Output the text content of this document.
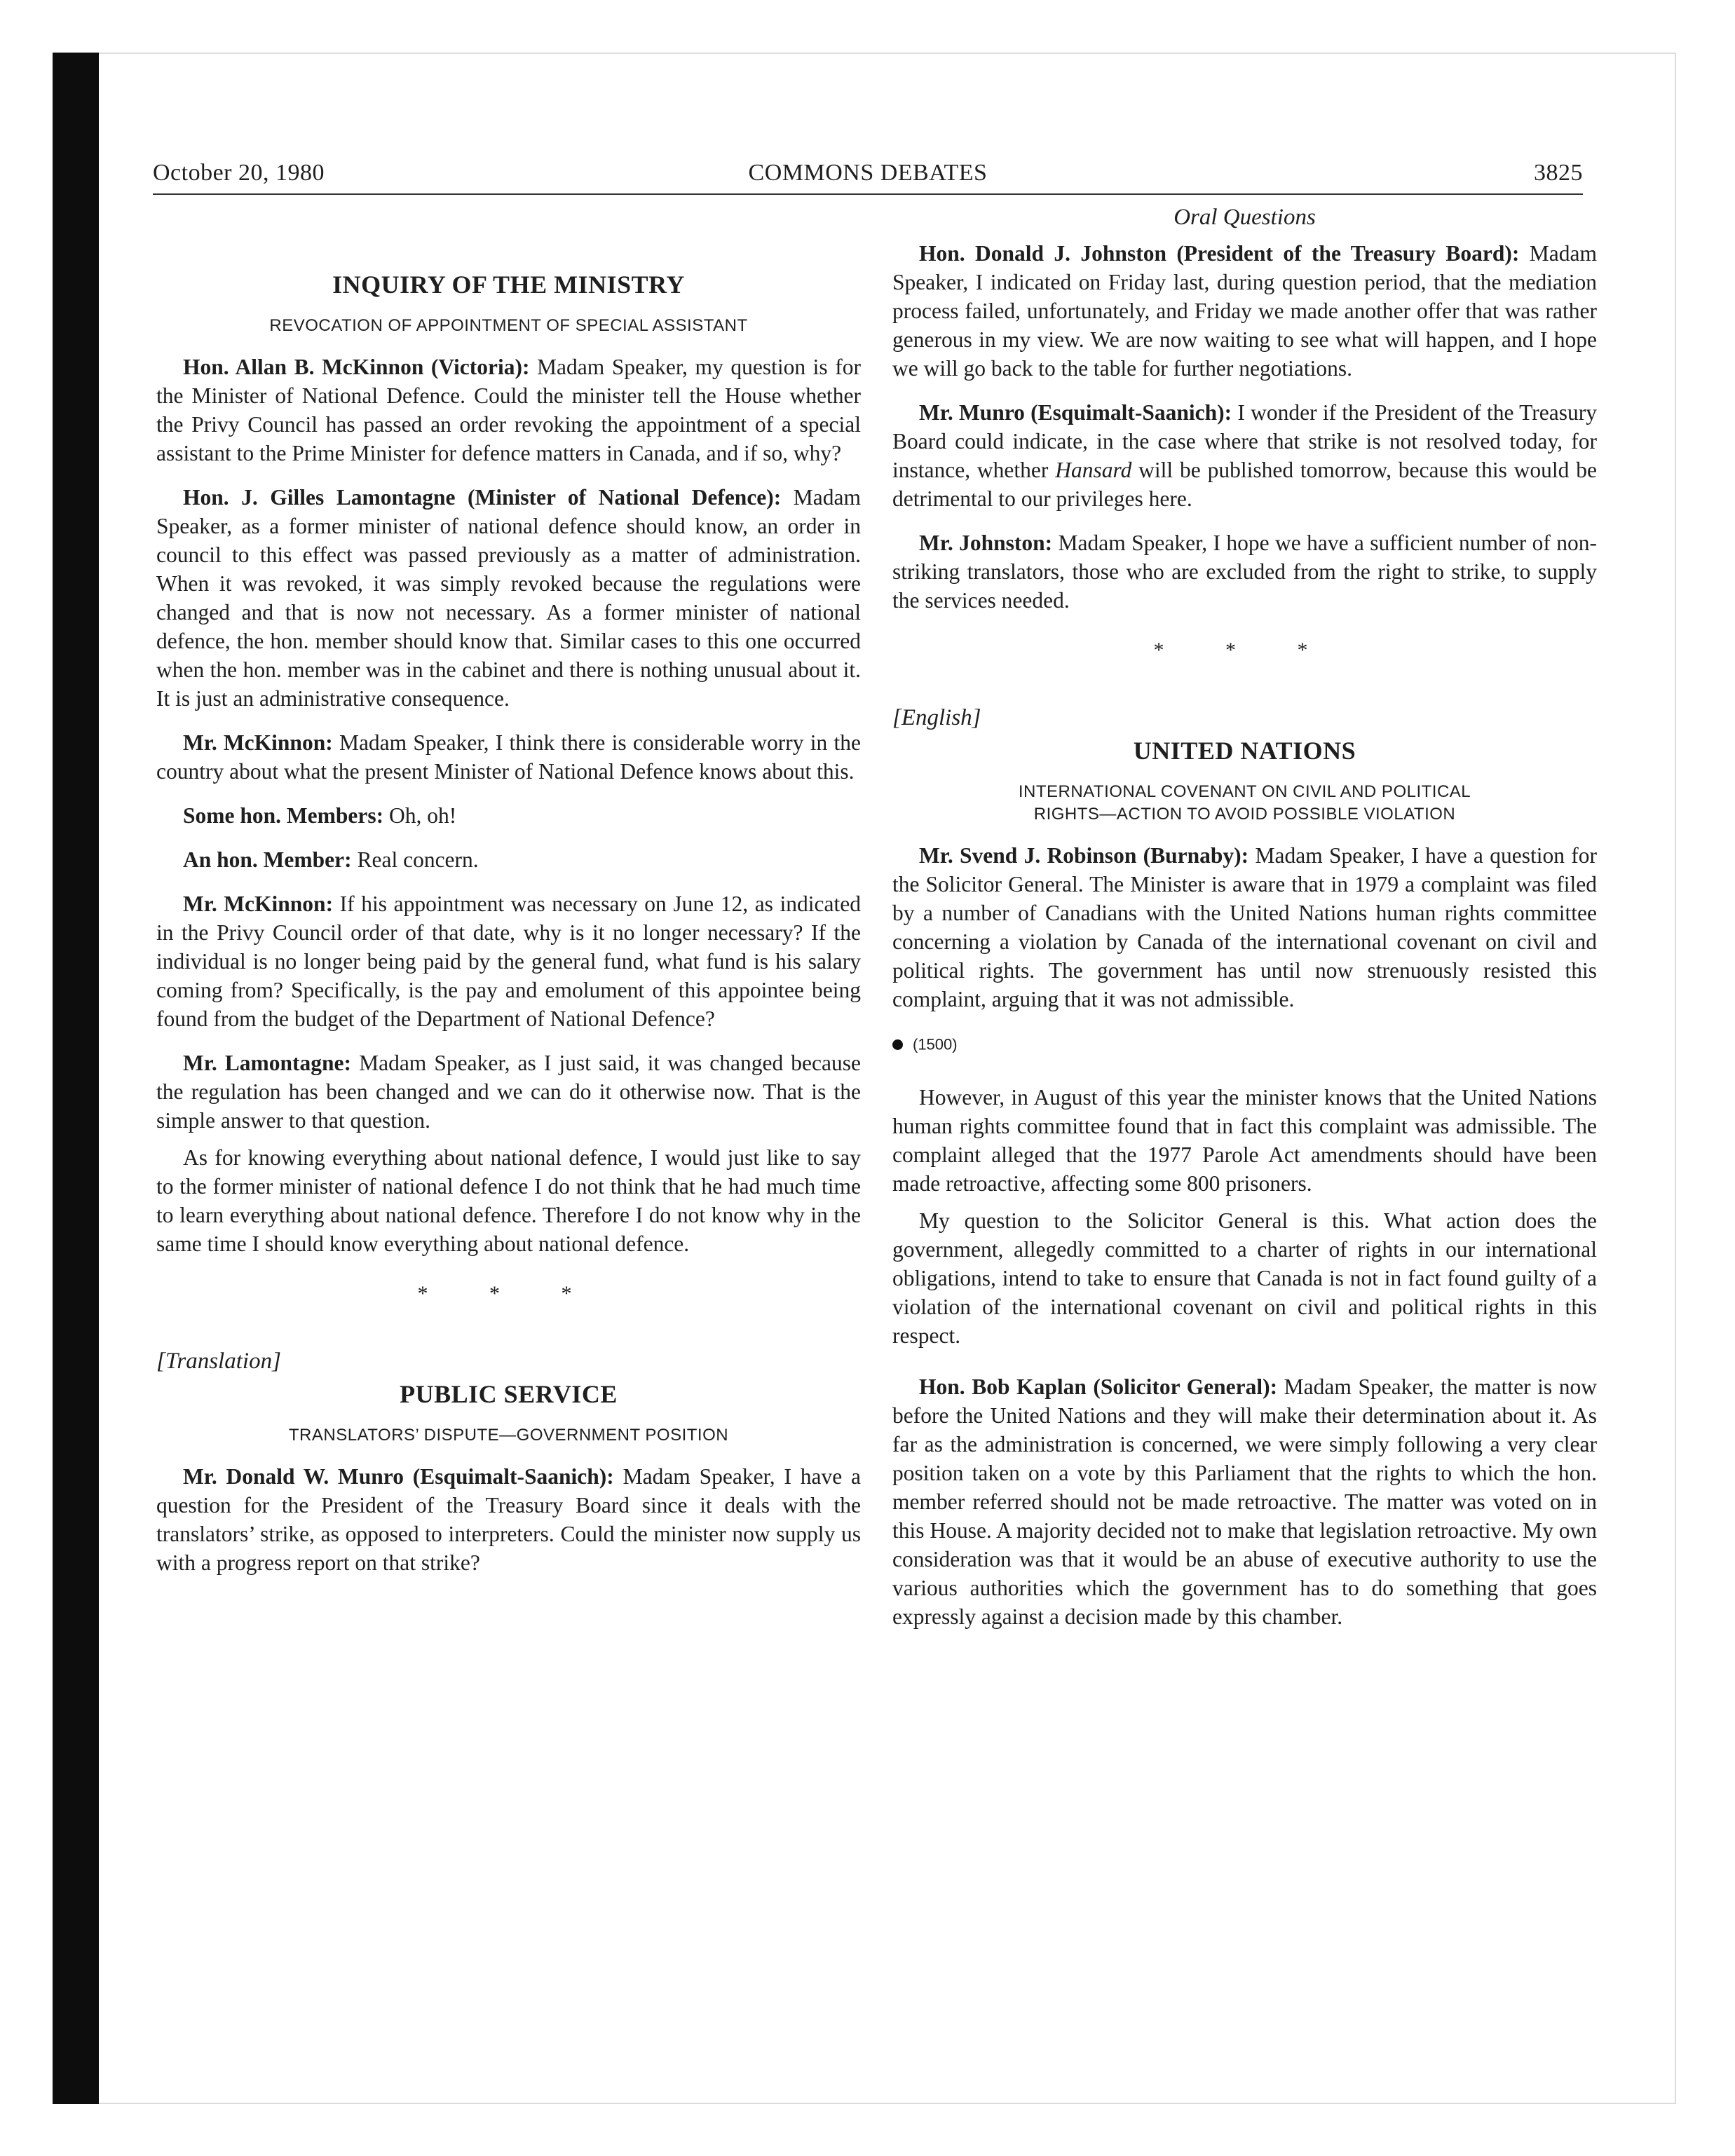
October 20, 1980	COMMONS DEBATES	3825
INQUIRY OF THE MINISTRY
REVOCATION OF APPOINTMENT OF SPECIAL ASSISTANT

Hon. Allan B. McKinnon (Victoria): Madam Speaker, my question is for the Minister of National Defence. Could the minister tell the House whether the Privy Council has passed an order revoking the appointment of a special assistant to the Prime Minister for defence matters in Canada, and if so, why?

Hon. J. Gilles Lamontagne (Minister of National Defence): Madam Speaker, as a former minister of national defence should know, an order in council to this effect was passed previously as a matter of administration. When it was revoked, it was simply revoked because the regulations were changed and that is now not necessary. As a former minister of national defence, the hon. member should know that. Similar cases to this one occurred when the hon. member was in the cabinet and there is nothing unusual about it. It is just an administrative consequence.

Mr. McKinnon: Madam Speaker, I think there is considerable worry in the country about what the present Minister of National Defence knows about this.

Some hon. Members: Oh, oh!

An hon. Member: Real concern.

Mr. McKinnon: If his appointment was necessary on June 12, as indicated in the Privy Council order of that date, why is it no longer necessary? If the individual is no longer being paid by the general fund, what fund is his salary coming from? Specifically, is the pay and emolument of this appointee being found from the budget of the Department of National Defence?

Mr. Lamontagne: Madam Speaker, as I just said, it was changed because the regulation has been changed and we can do it otherwise now. That is the simple answer to that question.

As for knowing everything about national defence, I would just like to say to the former minister of national defence I do not think that he had much time to learn everything about national defence. Therefore I do not know why in the same time I should know everything about national defence.

* * *
[Translation]
PUBLIC SERVICE
TRANSLATORS’ DISPUTE—GOVERNMENT POSITION

Mr. Donald W. Munro (Esquimalt-Saanich): Madam Speaker, I have a question for the President of the Treasury Board since it deals with the translators’ strike, as opposed to interpreters. Could the minister now supply us with a progress report on that strike?

Oral Questions

Hon. Donald J. Johnston (President of the Treasury Board): Madam Speaker, I indicated on Friday last, during question period, that the mediation process failed, unfortunately, and Friday we made another offer that was rather generous in my view. We are now waiting to see what will happen, and I hope we will go back to the table for further negotiations.

Mr. Munro (Esquimalt-Saanich): I wonder if the President of the Treasury Board could indicate, in the case where that strike is not resolved today, for instance, whether Hansard will be published tomorrow, because this would be detrimental to our privileges here.

Mr. Johnston: Madam Speaker, I hope we have a sufficient number of non-striking translators, those who are excluded from the right to strike, to supply the services needed.

* * *
[English]
UNITED NATIONS
INTERNATIONAL COVENANT ON CIVIL AND POLITICAL
RIGHTS—ACTION TO AVOID POSSIBLE VIOLATION

Mr. Svend J. Robinson (Burnaby): Madam Speaker, I have a question for the Solicitor General. The Minister is aware that in 1979 a complaint was filed by a number of Canadians with the United Nations human rights committee concerning a violation by Canada of the international covenant on civil and political rights. The government has until now strenuously resisted this complaint, arguing that it was not admissible.

(1500)

However, in August of this year the minister knows that the United Nations human rights committee found that in fact this complaint was admissible. The complaint alleged that the 1977 Parole Act amendments should have been made retroactive, affecting some 800 prisoners.

My question to the Solicitor General is this. What action does the government, allegedly committed to a charter of rights in our international obligations, intend to take to ensure that Canada is not in fact found guilty of a violation of the international covenant on civil and political rights in this respect.

Hon. Bob Kaplan (Solicitor General): Madam Speaker, the matter is now before the United Nations and they will make their determination about it. As far as the administration is concerned, we were simply following a very clear position taken on a vote by this Parliament that the rights to which the hon. member referred should not be made retroactive. The matter was voted on in this House. A majority decided not to make that legislation retroactive. My own consideration was that it would be an abuse of executive authority to use the various authorities which the government has to do something that goes expressly against a decision made by this chamber.
